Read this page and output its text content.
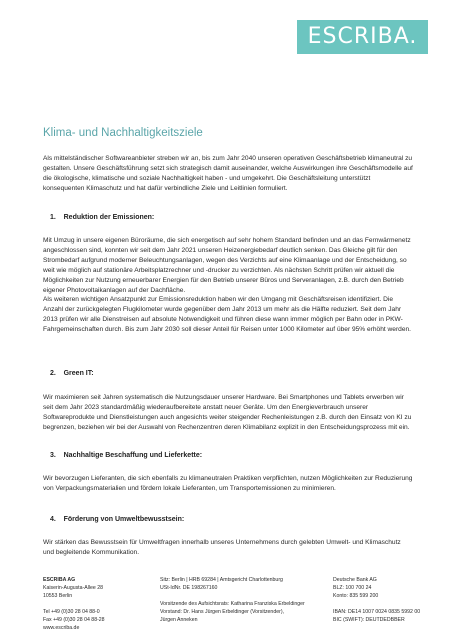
ESCRIBA.
Klima- und Nachhaltigkeitsziele

Als mittelständischer Softwareanbieter streben wir an, bis zum Jahr 2040 unseren operativen Geschäftsbetrieb klimaneutral zu gestalten. Unsere Geschäftsführung setzt sich strategisch damit auseinander, welche Auswirkungen ihre Geschäftsmodelle auf die ökologische, klimatische und soziale Nachhaltigkeit haben - und umgekehrt. Die Geschäftsleitung unterstützt konsequenten Klimaschutz und hat dafür verbindliche Ziele und Leitlinien formuliert.

1.    Reduktion der Emissionen:

Mit Umzug in unsere eigenen Büroräume, die sich energetisch auf sehr hohem Standard befinden und an das Fernwärmenetz angeschlossen sind, konnten wir seit dem Jahr 2021 unseren Heizenergiebedarf deutlich senken. Das Gleiche gilt für den Strombedarf aufgrund moderner Beleuchtungsanlagen, wegen des Verzichts auf eine Klimaanlage und der Entscheidung, so weit wie möglich auf stationäre Arbeitsplatzrechner und -drucker zu verzichten. Als nächsten Schritt prüfen wir aktuell die Möglichkeiten zur Nutzung erneuerbarer Energien für den Betrieb unserer Büros und Serveranlagen, z.B. durch den Betrieb eigener Photovoltaikanlagen auf der Dachfläche.

Als weiteren wichtigen Ansatzpunkt zur Emissionsreduktion haben wir den Umgang mit Geschäftsreisen identifiziert. Die Anzahl der zurückgelegten Flugkilometer wurde gegenüber dem Jahr 2013 um mehr als die Hälfte reduziert. Seit dem Jahr 2013 prüfen wir alle Dienstreisen auf absolute Notwendigkeit und führen diese wann immer möglich per Bahn oder in PKW-Fahrgemeinschaften durch. Bis zum Jahr 2030 soll dieser Anteil für Reisen unter 1000 Kilometer auf über 95% erhöht werden.

2.    Green IT:

Wir maximieren seit Jahren systematisch die Nutzungsdauer unserer Hardware. Bei Smartphones und Tablets erwerben wir seit dem Jahr 2023 standardmäßig wiederaufbereitete anstatt neuer Geräte. Um den Energieverbrauch unserer Softwareprodukte und Dienstleistungen auch angesichts weiter steigender Rechenleistungen z.B. durch den Einsatz von KI zu begrenzen, beziehen wir bei der Auswahl von Rechenzentren deren Klimabilanz explizit in den Entscheidungsprozess mit ein.

3.    Nachhaltige Beschaffung und Lieferkette:

Wir bevorzugen Lieferanten, die sich ebenfalls zu klimaneutralen Praktiken verpflichten, nutzen Möglichkeiten zur Reduzierung von Verpackungsmaterialien und fördern lokale Lieferanten, um Transportemissionen zu minimieren.

4.    Förderung von Umweltbewusstsein:

Wir stärken das Bewusstsein für Umweltfragen innerhalb unseres Unternehmens durch gelebten Umwelt- und Klimaschutz und begleitende Kommunikation.

ESCRIBA AG
Kaiserin-Augusta-Allee 28
10553 Berlin

Tel +49 (0)30 28 04 88-0
Fax +49 (0)30 28 04 88-28
www.escriba.de
Sitz: Berlin | HRB 69284 | Amtsgericht Charlottenburg
USt-IdNr. DE 198267160

Vorsitzende des Aufsichtsrats: Katharina Franziska Erbeldinger
Vorstand: Dr. Hans Jürgen Erbeldinger (Vorsitzender),
Jürgen Anneken
Deutsche Bank AG
BLZ: 100 700 24
Konto: 835 599 200

IBAN: DE14 1007 0024 0835 5992 00
BIC (SWIFT): DEUTDEDBBER
